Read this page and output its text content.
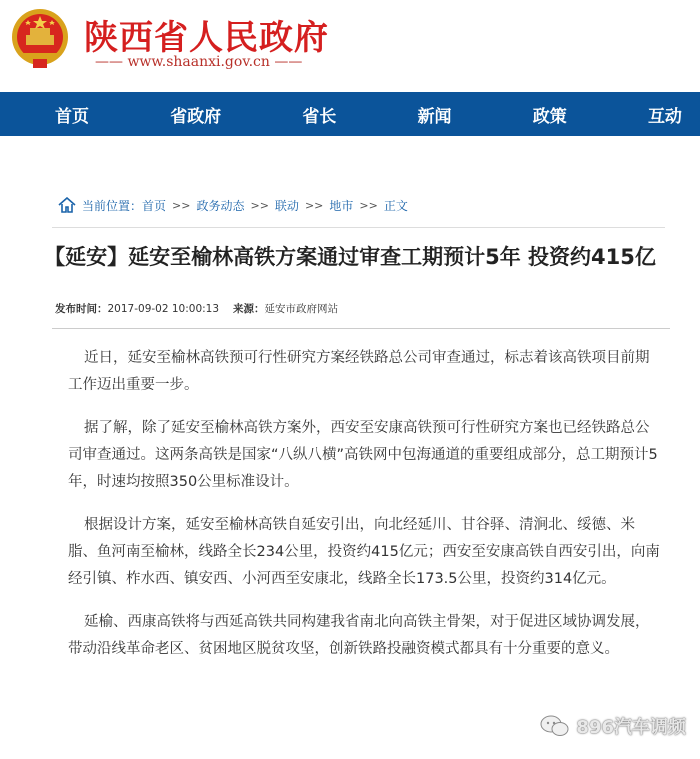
陕西省人民政府
—— www.shaanxi.gov.cn ——
首页	省政府	省长	新闻	政策	互动
当前位置： 首页 >> 政务动态 >> 联动 >> 地市 >> 正文
【延安】延安至榆林高铁方案通过审查工期预计5年 投资约415亿
发布时间：2017-09-02 10:00:13 来源：延安市政府网站

近日，延安至榆林高铁预可行性研究方案经铁路总公司审查通过，标志着该高铁项目前期工作迈出重要一步。

据了解，除了延安至榆林高铁方案外，西安至安康高铁预可行性研究方案也已经铁路总公司审查通过。这两条高铁是国家“八纵八横”高铁网中包海通道的重要组成部分，总工期预计5年，时速均按照350公里标准设计。

根据设计方案，延安至榆林高铁自延安引出，向北经延川、甘谷驿、清涧北、绥德、米脂、鱼河南至榆林，线路全长234公里，投资约415亿元；西安至安康高铁自西安引出，向南经引镇、柞水西、镇安西、小河西至安康北，线路全长173.5公里，投资约314亿元。

延榆、西康高铁将与西延高铁共同构建我省南北向高铁主骨架，对于促进区域协调发展，带动沿线革命老区、贫困地区脱贫攻坚，创新铁路投融资模式都具有十分重要的意义。

896汽车调频
